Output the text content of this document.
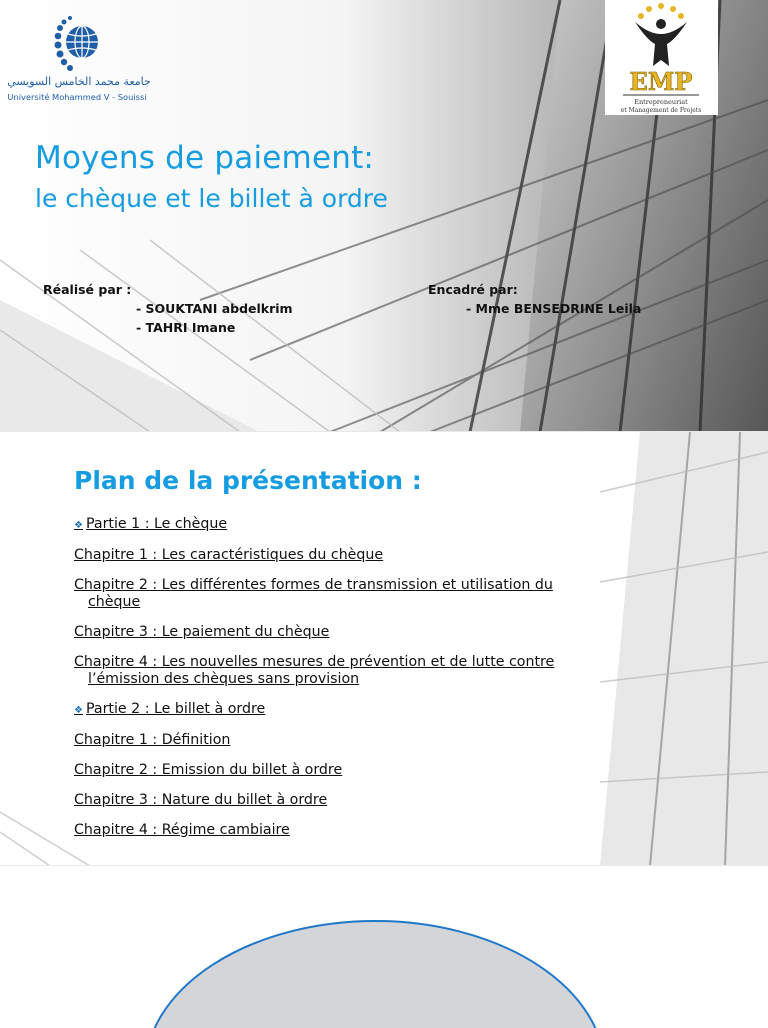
جامعة محمد الخامس السويسي
Université Mohammed V - Souissi
EMP
Entrepreneuriat
et Management de Projets
Moyens de paiement:
le chèque et le billet à ordre
Réalisé par :
- SOUKTANI abdelkrim
- TAHRI Imane
Encadré par:
- Mme BENSEDRINE Leila
Plan de la présentation :
❖ Partie 1 : Le chèque
Chapitre 1 : Les caractéristiques du chèque
Chapitre 2 : Les différentes formes de transmission et utilisation du
chèque
Chapitre 3 : Le paiement du chèque
Chapitre 4 : Les nouvelles mesures de prévention et de lutte contre
l’émission des chèques sans provision
❖ Partie 2 : Le billet à ordre
Chapitre 1 : Définition
Chapitre 2 : Emission du billet à ordre
Chapitre 3 : Nature du billet à ordre
Chapitre 4 : Régime cambiaire
